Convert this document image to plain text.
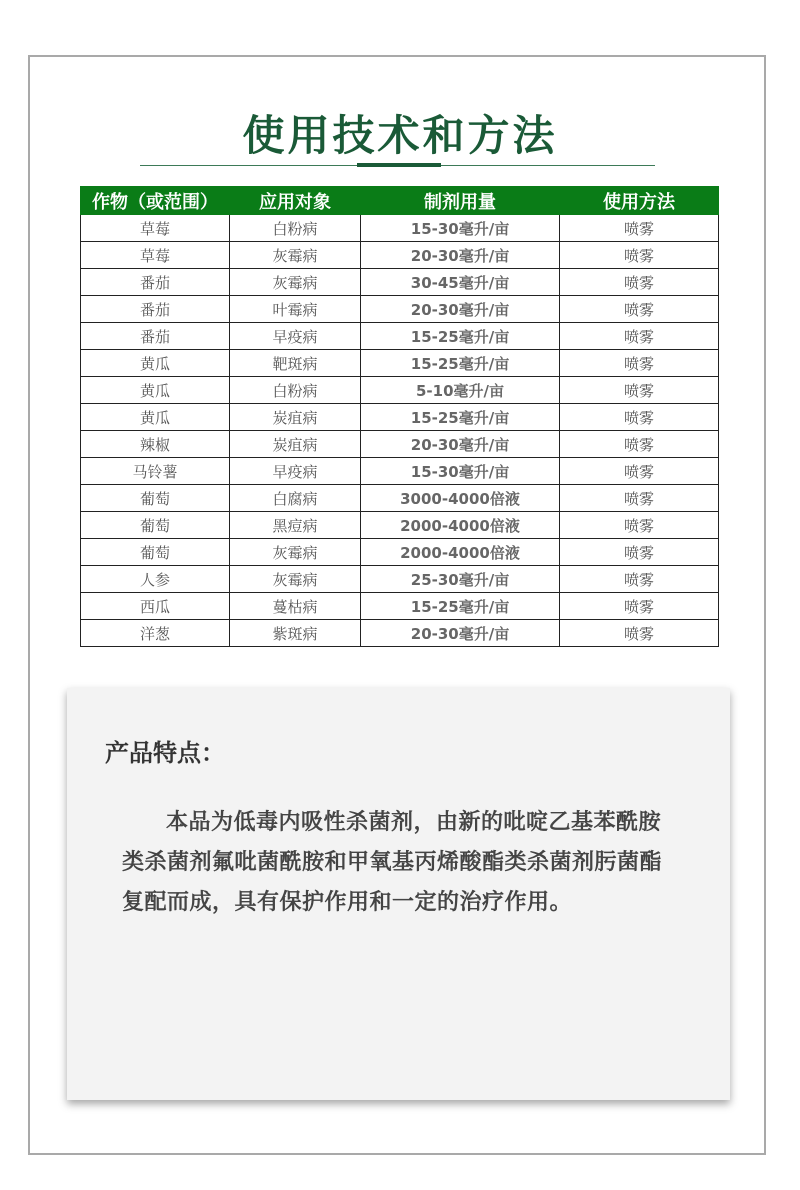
使用技术和方法
作物（或范围）	应用对象	制剂用量	使用方法
草莓	白粉病	15-30毫升/亩	喷雾
草莓	灰霉病	20-30毫升/亩	喷雾
番茄	灰霉病	30-45毫升/亩	喷雾
番茄	叶霉病	20-30毫升/亩	喷雾
番茄	早疫病	15-25毫升/亩	喷雾
黄瓜	靶斑病	15-25毫升/亩	喷雾
黄瓜	白粉病	5-10毫升/亩	喷雾
黄瓜	炭疽病	15-25毫升/亩	喷雾
辣椒	炭疽病	20-30毫升/亩	喷雾
马铃薯	早疫病	15-30毫升/亩	喷雾
葡萄	白腐病	3000-4000倍液	喷雾
葡萄	黑痘病	2000-4000倍液	喷雾
葡萄	灰霉病	2000-4000倍液	喷雾
人参	灰霉病	25-30毫升/亩	喷雾
西瓜	蔓枯病	15-25毫升/亩	喷雾
洋葱	紫斑病	20-30毫升/亩	喷雾
产品特点：

本品为低毒内吸性杀菌剂，由新的吡啶乙基苯酰胺类杀菌剂氟吡菌酰胺和甲氧基丙烯酸酯类杀菌剂肟菌酯复配而成，具有保护作用和一定的治疗作用。
